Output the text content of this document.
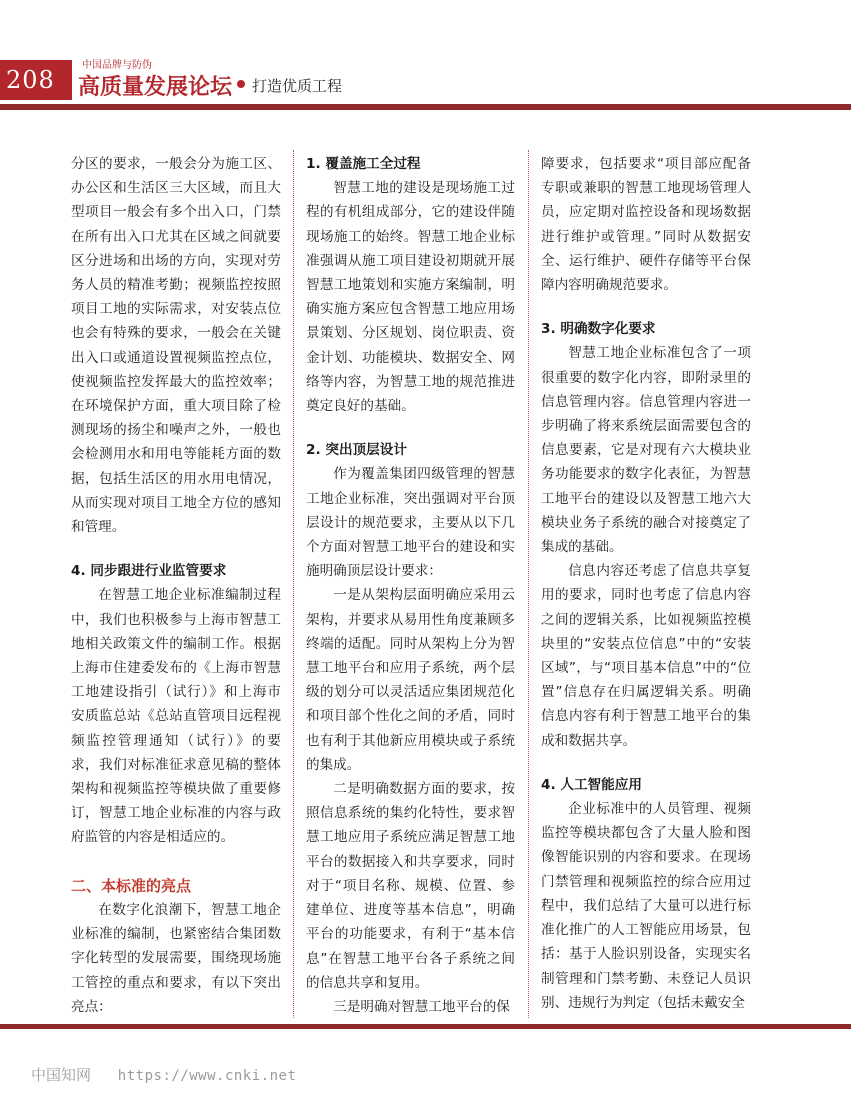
208
››› 中国品牌与防伪
高质量发展论坛 打造优质工程

分区的要求，一般会分为施工区、办公区和生活区三大区域，而且大型项目一般会有多个出入口，门禁在所有出入口尤其在区域之间就要区分进场和出场的方向，实现对劳务人员的精准考勤；视频监控按照项目工地的实际需求，对安装点位也会有特殊的要求，一般会在关键出入口或通道设置视频监控点位，使视频监控发挥最大的监控效率；在环境保护方面，重大项目除了检测现场的扬尘和噪声之外，一般也会检测用水和用电等能耗方面的数据，包括生活区的用水用电情况，从而实现对项目工地全方位的感知和管理。

4. 同步跟进行业监管要求

在智慧工地企业标准编制过程中，我们也积极参与上海市智慧工地相关政策文件的编制工作。根据上海市住建委发布的《上海市智慧工地建设指引（试行）》和上海市安质监总站《总站直管项目远程视频监控管理通知（试行）》的要求，我们对标准征求意见稿的整体架构和视频监控等模块做了重要修订，智慧工地企业标准的内容与政府监管的内容是相适应的。

二、本标准的亮点

在数字化浪潮下，智慧工地企业标准的编制，也紧密结合集团数字化转型的发展需要，围绕现场施工管控的重点和要求，有以下突出亮点：

1. 覆盖施工全过程

智慧工地的建设是现场施工过程的有机组成部分，它的建设伴随现场施工的始终。智慧工地企业标准强调从施工项目建设初期就开展智慧工地策划和实施方案编制，明确实施方案应包含智慧工地应用场景策划、分区规划、岗位职责、资金计划、功能模块、数据安全、网络等内容，为智慧工地的规范推进奠定良好的基础。

2. 突出顶层设计

作为覆盖集团四级管理的智慧工地企业标准，突出强调对平台顶层设计的规范要求，主要从以下几个方面对智慧工地平台的建设和实施明确顶层设计要求：

一是从架构层面明确应采用云架构，并要求从易用性角度兼顾多终端的适配。同时从架构上分为智慧工地平台和应用子系统，两个层级的划分可以灵活适应集团规范化和项目部个性化之间的矛盾，同时也有利于其他新应用模块或子系统的集成。

二是明确数据方面的要求，按照信息系统的集约化特性，要求智慧工地应用子系统应满足智慧工地平台的数据接入和共享要求，同时对于“项目名称、规模、位置、参建单位、进度等基本信息”，明确平台的功能要求，有利于“基本信息”在智慧工地平台各子系统之间的信息共享和复用。

三是明确对智慧工地平台的保

障要求，包括要求“项目部应配备专职或兼职的智慧工地现场管理人员，应定期对监控设备和现场数据进行维护或管理。”同时从数据安全、运行维护、硬件存储等平台保障内容明确规范要求。

3. 明确数字化要求

智慧工地企业标准包含了一项很重要的数字化内容，即附录里的信息管理内容。信息管理内容进一步明确了将来系统层面需要包含的信息要素，它是对现有六大模块业务功能要求的数字化表征，为智慧工地平台的建设以及智慧工地六大模块业务子系统的融合对接奠定了集成的基础。

信息内容还考虑了信息共享复用的要求，同时也考虑了信息内容之间的逻辑关系，比如视频监控模块里的“安装点位信息”中的“安装区域”，与“项目基本信息”中的“位置”信息存在归属逻辑关系。明确信息内容有利于智慧工地平台的集成和数据共享。

4. 人工智能应用

企业标准中的人员管理、视频监控等模块都包含了大量人脸和图像智能识别的内容和要求。在现场门禁管理和视频监控的综合应用过程中，我们总结了大量可以进行标准化推广的人工智能应用场景，包括：基于人脸识别设备，实现实名制管理和门禁考勤、未登记人员识别、违规行为判定（包括未戴安全

中国知网 https://www.cnki.net
